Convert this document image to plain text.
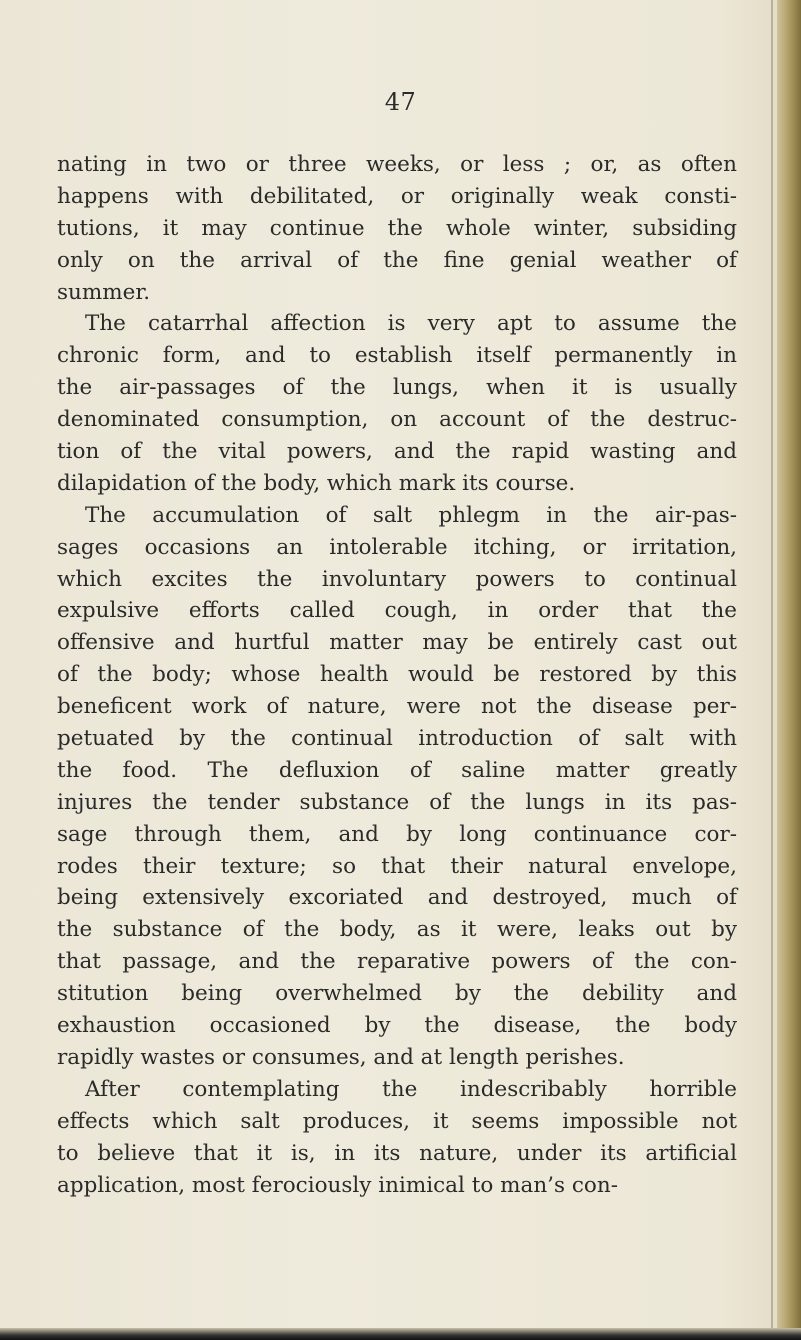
47
nating in two or three weeks, or less ; or, as often
happens with debilitated, or originally weak consti-
tutions, it may continue the whole winter, subsiding
only on the arrival of the fine genial weather of
summer.
The catarrhal affection is very apt to assume the
chronic form, and to establish itself permanently in
the air-passages of the lungs, when it is usually
denominated consumption, on account of the destruc-
tion of the vital powers, and the rapid wasting and
dilapidation of the body, which mark its course.
The accumulation of salt phlegm in the air-pas-
sages occasions an intolerable itching, or irritation,
which excites the involuntary powers to continual
expulsive efforts called cough, in order that the
offensive and hurtful matter may be entirely cast out
of the body; whose health would be restored by this
beneficent work of nature, were not the disease per-
petuated by the continual introduction of salt with
the food. The defluxion of saline matter greatly
injures the tender substance of the lungs in its pas-
sage through them, and by long continuance cor-
rodes their texture; so that their natural envelope,
being extensively excoriated and destroyed, much of
the substance of the body, as it were, leaks out by
that passage, and the reparative powers of the con-
stitution being overwhelmed by the debility and
exhaustion occasioned by the disease, the body
rapidly wastes or consumes, and at length perishes.
After contemplating the indescribably horrible
effects which salt produces, it seems impossible not
to believe that it is, in its nature, under its artificial
application, most ferociously inimical to man’s con-
